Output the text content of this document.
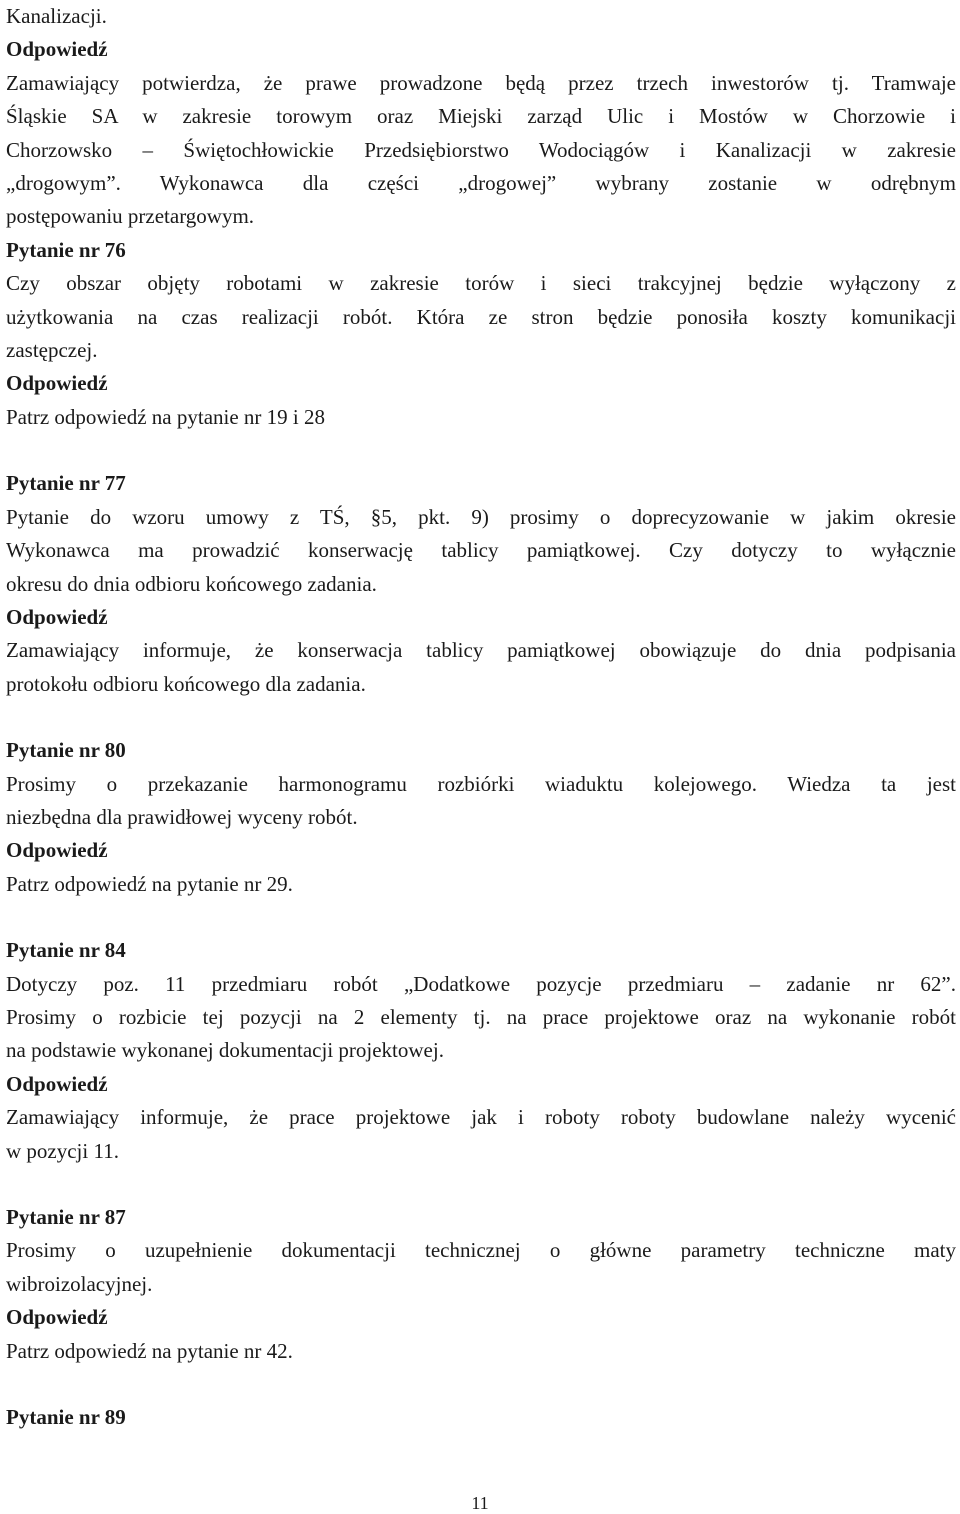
Kanalizacji.

Odpowiedź

Zamawiający potwierdza, że prawe prowadzone będą przez trzech inwestorów tj. Tramwaje

Śląskie SA w zakresie torowym oraz Miejski zarząd Ulic i Mostów w Chorzowie i

Chorzowsko – Świętochłowickie Przedsiębiorstwo Wodociągów i Kanalizacji w zakresie

„drogowym”. Wykonawca dla części „drogowej” wybrany zostanie w odrębnym

postępowaniu przetargowym.

Pytanie nr 76

Czy obszar objęty robotami w zakresie torów i sieci trakcyjnej będzie wyłączony z

użytkowania na czas realizacji robót. Która ze stron będzie ponosiła koszty komunikacji

zastępczej.

Odpowiedź

Patrz odpowiedź na pytanie nr 19 i 28

Pytanie nr 77

Pytanie do wzoru umowy z TŚ, §5, pkt. 9) prosimy o doprecyzowanie w jakim okresie

Wykonawca ma prowadzić konserwację tablicy pamiątkowej. Czy dotyczy to wyłącznie

okresu do dnia odbioru końcowego zadania.

Odpowiedź

Zamawiający informuje, że konserwacja tablicy pamiątkowej obowiązuje do dnia podpisania

protokołu odbioru końcowego dla zadania.

Pytanie nr 80

Prosimy o przekazanie harmonogramu rozbiórki wiaduktu kolejowego. Wiedza ta jest

niezbędna dla prawidłowej wyceny robót.

Odpowiedź

Patrz odpowiedź na pytanie nr 29.

Pytanie nr 84

Dotyczy poz. 11 przedmiaru robót „Dodatkowe pozycje przedmiaru – zadanie nr 62”.

Prosimy o rozbicie tej pozycji na 2 elementy tj. na prace projektowe oraz na wykonanie robót

na podstawie wykonanej dokumentacji projektowej.

Odpowiedź

Zamawiający informuje, że prace projektowe jak i roboty roboty budowlane należy wycenić

w pozycji 11.

Pytanie nr 87

Prosimy o uzupełnienie dokumentacji technicznej o główne parametry techniczne maty

wibroizolacyjnej.

Odpowiedź

Patrz odpowiedź na pytanie nr 42.

Pytanie nr 89

11
